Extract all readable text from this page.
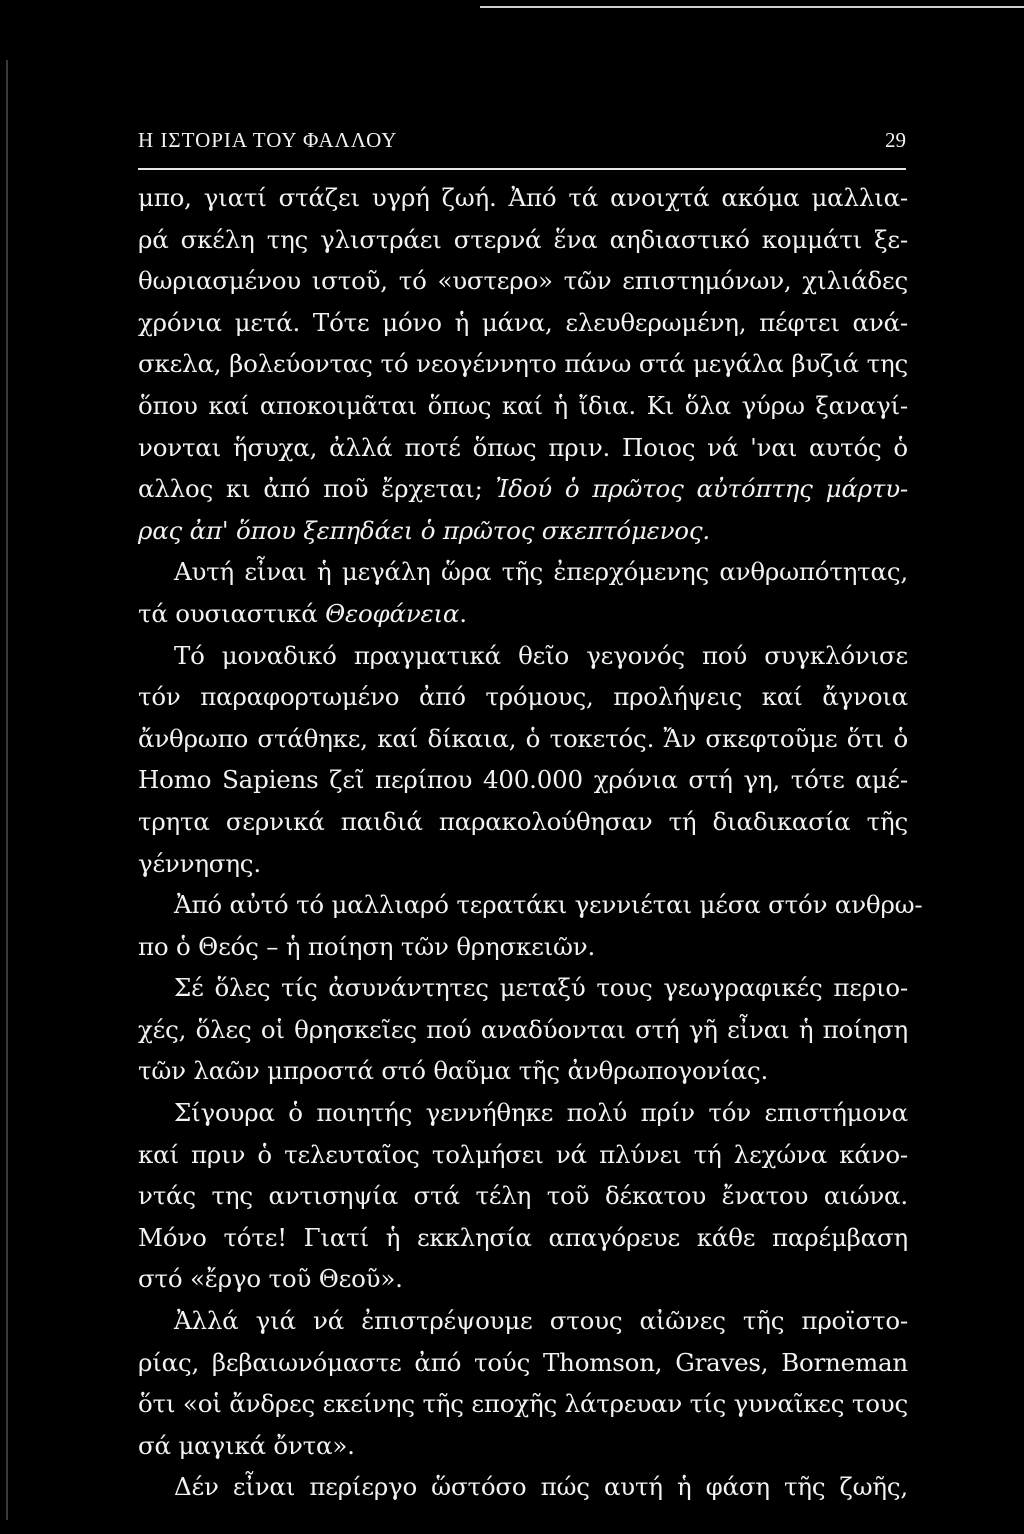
Η ΙΣΤΟΡΙΑ ΤΟΥ ΦΑΛΛΟΥ	29

μπο, γιατί στάζει υγρή ζωή. Ἀπό τά ανοιχτά ακόμα μαλλια-
ρά σκέλη της γλιστράει στερνά ἕνα αηδιαστικό κομμάτι ξε-
θωριασμένου ιστοῦ, τό «υστερο» τῶν επιστημόνων, χιλιάδες
χρόνια μετά. Τότε μόνο ἡ μάνα, ελευθερωμένη, πέφτει ανά-
σκελα, βολεύοντας τό νεογέννητο πάνω στά μεγάλα βυζιά της
ὅπου καί αποκοιμᾶται ὅπως καί ἡ ἴδια. Κι ὅλα γύρω ξαναγί-
νονται ἥσυχα, ἀλλά ποτέ ὅπως πριν. Ποιος νά 'ναι αυτός ὁ
αλλος κι ἀπό ποῦ ἔρχεται; Ἰδού ὁ πρῶτος αὐτόπτης μάρτυ-
ρας ἀπ' ὅπου ξεπηδάει ὁ πρῶτος σκεπτόμενος.

Αυτή εἶναι ἡ μεγάλη ὥρα τῆς ἐπερχόμενης ανθρωπότητας,
τά ουσιαστικά Θεοφάνεια.

Τό μοναδικό πραγματικά θεῖο γεγονός πού συγκλόνισε
τόν παραφορτωμένο ἀπό τρόμους, προλήψεις καί ἄγνοια
ἄνθρωπο στάθηκε, καί δίκαια, ὁ τοκετός. Ἄν σκεφτοῦμε ὅτι ὁ
Homo Sapiens ζεῖ περίπου 400.000 χρόνια στή γη, τότε αμέ-
τρητα σερνικά παιδιά παρακολούθησαν τή διαδικασία τῆς
γέννησης.

Ἀπό αὐτό τό μαλλιαρό τερατάκι γεννιέται μέσα στόν ανθρω-
πο ὁ Θεός – ἡ ποίηση τῶν θρησκειῶν.

Σέ ὅλες τίς ἀσυνάντητες μεταξύ τους γεωγραφικές περιο-
χές, ὅλες οἱ θρησκεῖες πού αναδύονται στή γῆ εἶναι ἡ ποίηση
τῶν λαῶν μπροστά στό θαῦμα τῆς ἀνθρωπογονίας.

Σίγουρα ὁ ποιητής γεννήθηκε πολύ πρίν τόν επιστήμονα
καί πριν ὁ τελευταῖος τολμήσει νά πλύνει τή λεχώνα κάνο-
ντάς της αντισηψία στά τέλη τοῦ δέκατου ἔνατου αιώνα.
Μόνο τότε! Γιατί ἡ εκκλησία απαγόρευε κάθε παρέμβαση
στό «ἔργο τοῦ Θεοῦ».

Ἀλλά γιά νά ἐπιστρέψουμε στους αἰῶνες τῆς προϊστο-
ρίας, βεβαιωνόμαστε ἀπό τούς Thomson, Graves, Borneman
ὅτι «οἱ ἄνδρες εκείνης τῆς εποχῆς λάτρευαν τίς γυναῖκες τους
σά μαγικά ὄντα».

Δέν εἶναι περίεργο ὥστόσο πώς αυτή ἡ φάση τῆς ζωῆς,
